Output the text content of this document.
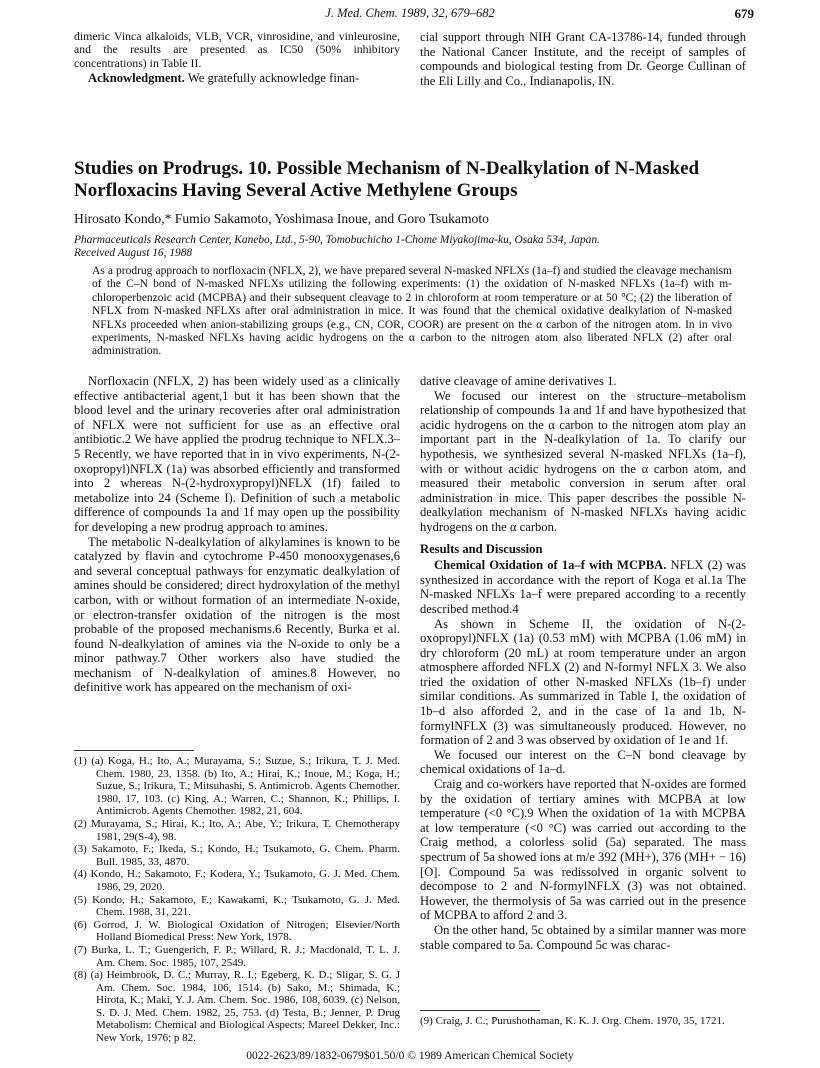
J. Med. Chem. 1989, 32, 679–682	679

dimeric Vinca alkaloids, VLB, VCR, vinrosidine, and vinleurosine, and the results are presented as IC50 (50% inhibitory concentrations) in Table II.

Acknowledgment. We gratefully acknowledge finan-

cial support through NIH Grant CA-13786-14, funded through the National Cancer Institute, and the receipt of samples of compounds and biological testing from Dr. George Cullinan of the Eli Lilly and Co., Indianapolis, IN.

Studies on Prodrugs. 10. Possible Mechanism of N-Dealkylation of N-Masked Norfloxacins Having Several Active Methylene Groups
Hirosato Kondo,* Fumio Sakamoto, Yoshimasa Inoue, and Goro Tsukamoto
Pharmaceuticals Research Center, Kanebo, Ltd., 5-90, Tomobuchicho 1-Chome Miyakojima-ku, Osaka 534, Japan.
Received August 16, 1988
As a prodrug approach to norfloxacin (NFLX, 2), we have prepared several N-masked NFLXs (1a–f) and studied the cleavage mechanism of the C–N bond of N-masked NFLXs utilizing the following experiments: (1) the oxidation of N-masked NFLXs (1a–f) with m-chloroperbenzoic acid (MCPBA) and their subsequent cleavage to 2 in chloroform at room temperature or at 50 °C; (2) the liberation of NFLX from N-masked NFLXs after oral administration in mice. It was found that the chemical oxidative dealkylation of N-masked NFLXs proceeded when anion-stabilizing groups (e.g., CN, COR, COOR) are present on the α carbon of the nitrogen atom. In in vivo experiments, N-masked NFLXs having acidic hydrogens on the α carbon to the nitrogen atom also liberated NFLX (2) after oral administration.

Norfloxacin (NFLX, 2) has been widely used as a clinically effective antibacterial agent,1 but it has been shown that the blood level and the urinary recoveries after oral administration of NFLX were not sufficient for use as an effective oral antibiotic.2 We have applied the prodrug technique to NFLX.3–5 Recently, we have reported that in in vivo experiments, N-(2-oxopropyl)NFLX (1a) was absorbed efficiently and transformed into 2 whereas N-(2-hydroxypropyl)NFLX (1f) failed to metabolize into 24 (Scheme I). Definition of such a metabolic difference of compounds 1a and 1f may open up the possibility for developing a new prodrug approach to amines.

The metabolic N-dealkylation of alkylamines is known to be catalyzed by flavin and cytochrome P-450 monooxygenases,6 and several conceptual pathways for enzymatic dealkylation of amines should be considered; direct hydroxylation of the methyl carbon, with or without formation of an intermediate N-oxide, or electron-transfer oxidation of the nitrogen is the most probable of the proposed mechanisms.6 Recently, Burka et al. found N-dealkylation of amines via the N-oxide to only be a minor pathway.7 Other workers also have studied the mechanism of N-dealkylation of amines.8 However, no definitive work has appeared on the mechanism of oxi-

(1) (a) Koga, H.; Ito, A.; Murayama, S.; Suzue, S.; Irikura, T. J. Med. Chem. 1980, 23, 1358. (b) Ito, A.; Hirai, K.; Inoue, M.; Koga, H.; Suzue, S.; Irikura, T.; Mitsuhashi, S. Antimicrob. Agents Chemother. 1980, 17, 103. (c) King, A.; Warren, C.; Shannon, K.; Phillips, I. Antimicrob. Agents Chemother. 1982, 21, 604.

(2) Murayama, S.; Hirai, K.; Ito, A.; Abe, Y.; Irikura, T. Chemotherapy 1981, 29(S-4), 98.

(3) Sakamoto, F.; Ikeda, S.; Kondo, H.; Tsukamoto, G. Chem. Pharm. Bull. 1985, 33, 4870.

(4) Kondo, H.; Sakamoto, F.; Kodera, Y.; Tsukamoto, G. J. Med. Chem. 1986, 29, 2020.

(5) Kondo, H.; Sakamoto, F.; Kawakami, K.; Tsukamoto, G. J. Med. Chem. 1988, 31, 221.

(6) Gorrod, J. W. Biological Oxidation of Nitrogen; Elsevier/North Holland Biomedical Press: New York, 1978.

(7) Burka, L. T.; Guengerich, F. P.; Willard, R. J.; Macdonald, T. L. J. Am. Chem. Soc. 1985, 107, 2549.

(8) (a) Heimbrook, D. C.; Murray, R. I.; Egeberg, K. D.; Sligar, S. G. J Am. Chem. Soc. 1984, 106, 1514. (b) Sako, M.; Shimada, K.; Hirota, K.; Maki, Y. J. Am. Chem. Soc. 1986, 108, 6039. (c) Nelson, S. D. J. Med. Chem. 1982, 25, 753. (d) Testa, B.; Jenner, P. Drug Metabolism: Chemical and Biological Aspects; Mareel Dekker, Inc.: New York, 1976; p 82.

dative cleavage of amine derivatives 1.

We focused our interest on the structure–metabolism relationship of compounds 1a and 1f and have hypothesized that acidic hydrogens on the α carbon to the nitrogen atom play an important part in the N-dealkylation of 1a. To clarify our hypothesis, we synthesized several N-masked NFLXs (1a–f), with or without acidic hydrogens on the α carbon atom, and measured their metabolic conversion in serum after oral administration in mice. This paper describes the possible N-dealkylation mechanism of N-masked NFLXs having acidic hydrogens on the α carbon.

Results and Discussion

Chemical Oxidation of 1a–f with MCPBA. NFLX (2) was synthesized in accordance with the report of Koga et al.1a The N-masked NFLXs 1a–f were prepared according to a recently described method.4

As shown in Scheme II, the oxidation of N-(2-oxopropyl)NFLX (1a) (0.53 mM) with MCPBA (1.06 mM) in dry chloroform (20 mL) at room temperature under an argon atmosphere afforded NFLX (2) and N-formyl NFLX 3. We also tried the oxidation of other N-masked NFLXs (1b–f) under similar conditions. As summarized in Table I, the oxidation of 1b–d also afforded 2, and in the case of 1a and 1b, N-formylNFLX (3) was simultaneously produced. However, no formation of 2 and 3 was observed by oxidation of 1e and 1f.

We focused our interest on the C–N bond cleavage by chemical oxidations of 1a–d.

Craig and co-workers have reported that N-oxides are formed by the oxidation of tertiary amines with MCPBA at low temperature (<0 °C).9 When the oxidation of 1a with MCPBA at low temperature (<0 °C) was carried out according to the Craig method, a colorless solid (5a) separated. The mass spectrum of 5a showed ions at m/e 392 (MH+), 376 (MH+ − 16) [O]. Compound 5a was redissolved in organic solvent to decompose to 2 and N-formylNFLX (3) was not obtained. However, the thermolysis of 5a was carried out in the presence of MCPBA to afford 2 and 3.

On the other hand, 5c obtained by a similar manner was more stable compared to 5a. Compound 5c was charac-

(9) Craig, J. C.; Purushothaman, K. K. J. Org. Chem. 1970, 35, 1721.

0022-2623/89/1832-0679$01.50/0 © 1989 American Chemical Society
